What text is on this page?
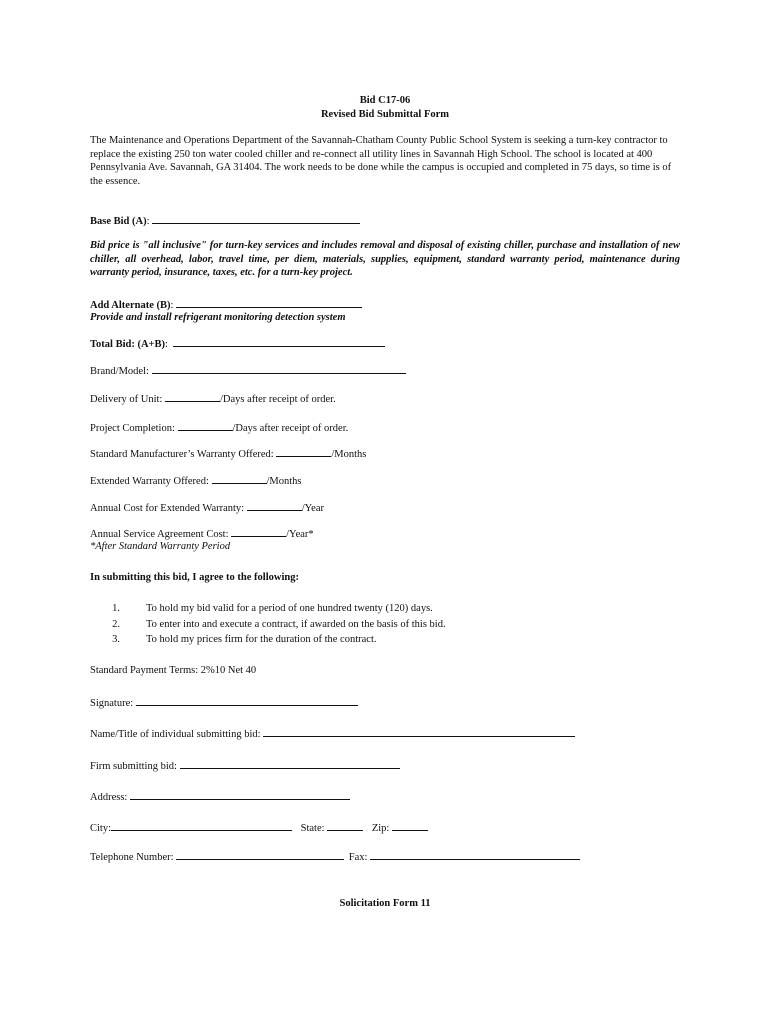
Bid C17-06
Revised Bid Submittal Form
The Maintenance and Operations Department of the Savannah-Chatham County Public School System is seeking a turn-key contractor to replace the existing 250 ton water cooled chiller and re-connect all utility lines in Savannah High School. The school is located at 400 Pennsylvania Ave. Savannah, GA 31404. The work needs to be done while the campus is occupied and completed in 75 days, so time is of the essence.
Base Bid (A):
Bid price is "all inclusive" for turn-key services and includes removal and disposal of existing chiller, purchase and installation of new chiller, all overhead, labor, travel time, per diem, materials, supplies, equipment, standard warranty period, maintenance during warranty period, insurance, taxes, etc. for a turn-key project.
Add Alternate (B):
Provide and install refrigerant monitoring detection system
Total Bid: (A+B):
Brand/Model:
Delivery of Unit:	/Days after receipt of order.
Project Completion:	/Days after receipt of order.
Standard Manufacturer’s Warranty Offered:	/Months
Extended Warranty Offered:	/Months
Annual Cost for Extended Warranty:	/Year
Annual Service Agreement Cost:	/Year*
*After Standard Warranty Period
In submitting this bid, I agree to the following:
1. To hold my bid valid for a period of one hundred twenty (120) days.
2. To enter into and execute a contract, if awarded on the basis of this bid.
3. To hold my prices firm for the duration of the contract.
Standard Payment Terms: 2%10 Net 40
Signature:
Name/Title of individual submitting bid:
Firm submitting bid:
Address:
City:	State:	Zip:
Telephone Number:	Fax:
Solicitation Form 11
